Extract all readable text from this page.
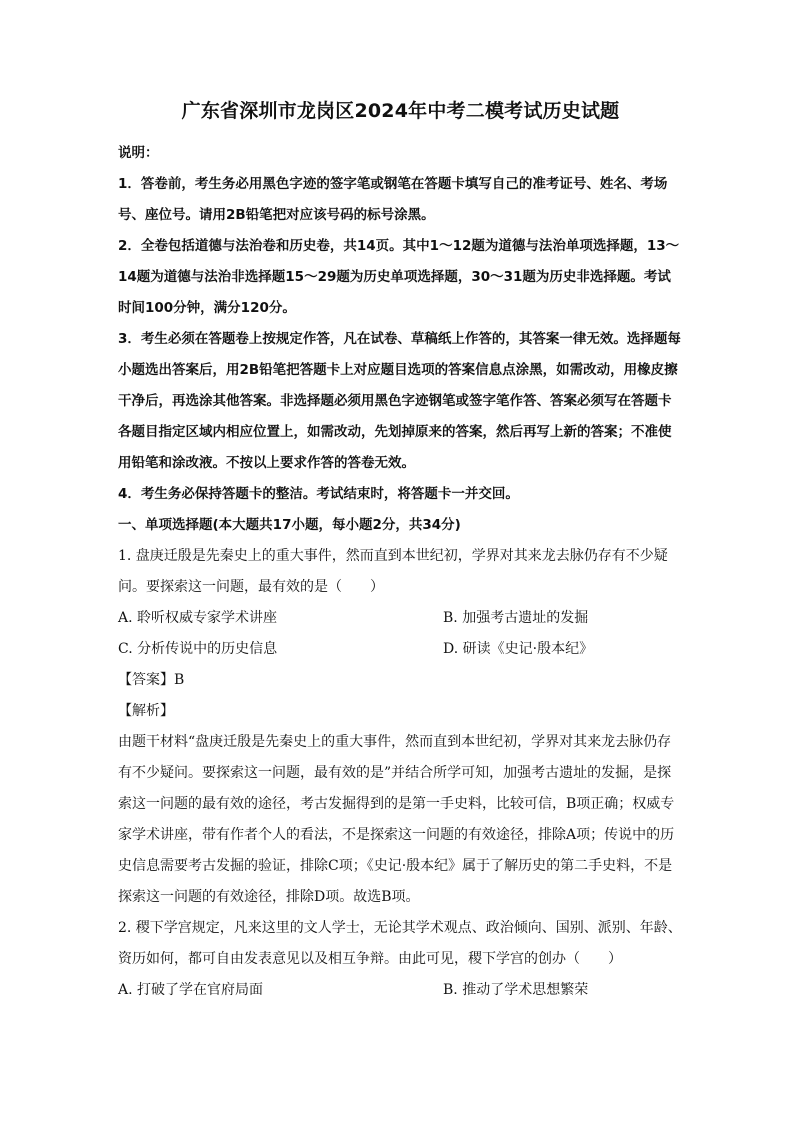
广东省深圳市龙岗区2024年中考二模考试历史试题

说明：

1．答卷前，考生务必用黑色字迹的签字笔或钢笔在答题卡填写自己的准考证号、姓名、考场号、座位号。请用2B铅笔把对应该号码的标号涂黑。

2．全卷包括道德与法治卷和历史卷，共14页。其中1～12题为道德与法治单项选择题，13～14题为道德与法治非选择题15～29题为历史单项选择题，30～31题为历史非选择题。考试时间100分钟，满分120分。

3．考生必须在答题卷上按规定作答，凡在试卷、草稿纸上作答的，其答案一律无效。选择题每小题选出答案后，用2B铅笔把答题卡上对应题目选项的答案信息点涂黑，如需改动，用橡皮擦干净后，再选涂其他答案。非选择题必须用黑色字迹钢笔或签字笔作答、答案必须写在答题卡各题目指定区域内相应位置上，如需改动，先划掉原来的答案，然后再写上新的答案；不准使用铅笔和涂改液。不按以上要求作答的答卷无效。

4．考生务必保持答题卡的整洁。考试结束时，将答题卡一并交回。

一、单项选择题(本大题共17小题，每小题2分，共34分)

1. 盘庚迁殷是先秦史上的重大事件，然而直到本世纪初，学界对其来龙去脉仍存有不少疑问。要探索这一问题，最有效的是（　　）

A. 聆听权威专家学术讲座	B. 加强考古遗址的发掘
C. 分析传说中的历史信息	D. 研读《史记·殷本纪》

【答案】B

【解析】

由题干材料“盘庚迁殷是先秦史上的重大事件，然而直到本世纪初，学界对其来龙去脉仍存有不少疑问。要探索这一问题，最有效的是”并结合所学可知，加强考古遗址的发掘，是探索这一问题的最有效的途径，考古发掘得到的是第一手史料，比较可信，B项正确；权威专家学术讲座，带有作者个人的看法，不是探索这一问题的有效途径，排除A项；传说中的历史信息需要考古发掘的验证，排除C项；《史记·殷本纪》属于了解历史的第二手史料，不是探索这一问题的有效途径，排除D项。故选B项。

2. 稷下学宫规定，凡来这里的文人学士，无论其学术观点、政治倾向、国别、派别、年龄、资历如何，都可自由发表意见以及相互争辩。由此可见，稷下学宫的创办（　　）

A. 打破了学在官府局面	B. 推动了学术思想繁荣
